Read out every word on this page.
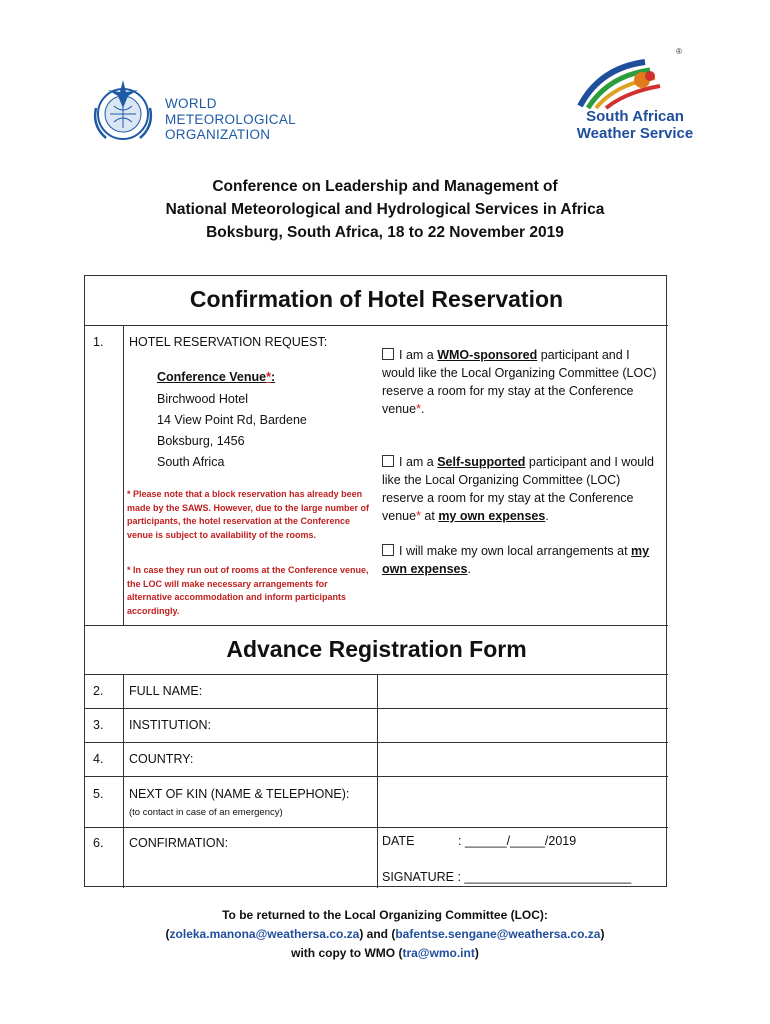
WORLD
METEOROLOGICAL
ORGANIZATION
®
South African
Weather Service
Conference on Leadership and Management of
National Meteorological and Hydrological Services in Africa
Boksburg, South Africa, 18 to 22 November 2019
Confirmation of Hotel Reservation
1. HOTEL RESERVATION REQUEST:
Conference Venue*:
Birchwood Hotel
14 View Point Rd, Bardene
Boksburg, 1456
South Africa
* Please note that a block reservation has already been made by the SAWS. However, due to the large number of participants, the hotel reservation at the Conference venue is subject to availability of the rooms.
* In case they run out of rooms at the Conference venue, the LOC will make necessary arrangements for alternative accommodation and inform participants accordingly.
I am a WMO-sponsored participant and I would like the Local Organizing Committee (LOC) reserve a room for my stay at the Conference venue*.
I am a Self-supported participant and I would like the Local Organizing Committee (LOC) reserve a room for my stay at the Conference venue* at my own expenses.
I will make my own local arrangements at my own expenses.
Advance Registration Form
2. FULL NAME:
3. INSTITUTION:
4. COUNTRY:
5. NEXT OF KIN (NAME & TELEPHONE):
(to contact in case of an emergency)
6. CONFIRMATION:	DATE	: ______/_____/2019
SIGNATURE : ________________________
To be returned to the Local Organizing Committee (LOC):
(zoleka.manona@weathersa.co.za) and (bafentse.sengane@weathersa.co.za)
with copy to WMO (tra@wmo.int)
